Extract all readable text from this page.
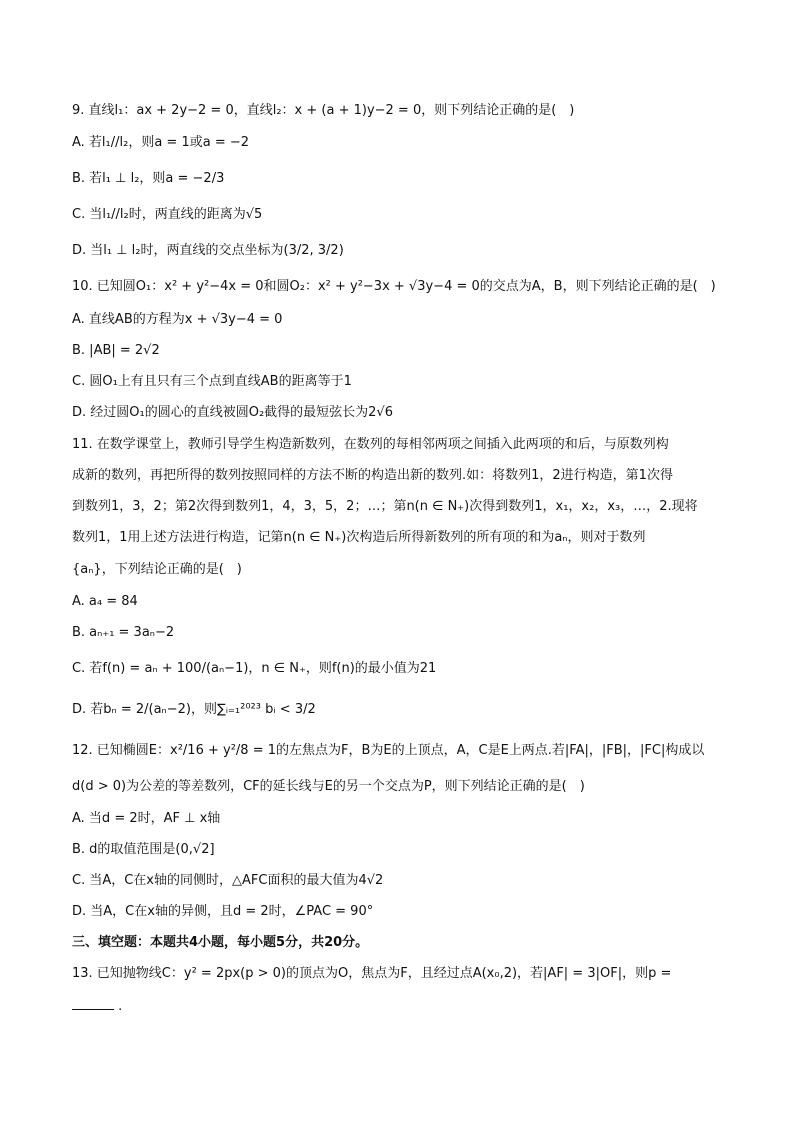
9. 直线l₁：ax + 2y−2 = 0，直线l₂：x + (a + 1)y−2 = 0，则下列结论正确的是(　)
A. 若l₁//l₂，则a = 1或a = −2
B. 若l₁ ⊥ l₂，则a = −2/3
C. 当l₁//l₂时，两直线的距离为√5
D. 当l₁ ⊥ l₂时，两直线的交点坐标为(3/2, 3/2)
10. 已知圆O₁：x² + y²−4x = 0和圆O₂：x² + y²−3x + √3y−4 = 0的交点为A，B，则下列结论正确的是(　)
A. 直线AB的方程为x + √3y−4 = 0
B. |AB| = 2√2
C. 圆O₁上有且只有三个点到直线AB的距离等于1
D. 经过圆O₁的圆心的直线被圆O₂截得的最短弦长为2√6
11. 在数学课堂上，教师引导学生构造新数列，在数列的每相邻两项之间插入此两项的和后，与原数列构
成新的数列，再把所得的数列按照同样的方法不断的构造出新的数列.如：将数列1，2进行构造，第1次得
到数列1，3，2；第2次得到数列1，4，3，5，2；…；第n(n ∈ N₊)次得到数列1，x₁，x₂，x₃，…，2.现将
数列1，1用上述方法进行构造，记第n(n ∈ N₊)次构造后所得新数列的所有项的和为aₙ，则对于数列
{aₙ}，下列结论正确的是(　)
A. a₄ = 84
B. aₙ₊₁ = 3aₙ−2
C. 若f(n) = aₙ + 100/(aₙ−1)，n ∈ N₊，则f(n)的最小值为21
D. 若bₙ = 2/(aₙ−2)，则∑ᵢ₌₁²⁰²³ bᵢ < 3/2
12. 已知椭圆E：x²/16 + y²/8 = 1的左焦点为F，B为E的上顶点，A，C是E上两点.若|FA|，|FB|，|FC|构成以
d(d > 0)为公差的等差数列，CF的延长线与E的另一个交点为P，则下列结论正确的是(　)
A. 当d = 2时，AF ⊥ x轴
B. d的取值范围是(0,√2]
C. 当A，C在x轴的同侧时，△AFC面积的最大值为4√2
D. 当A，C在x轴的异侧，且d = 2时，∠PAC = 90°
三、填空题：本题共4小题，每小题5分，共20分。
13. 已知抛物线C：y² = 2px(p > 0)的顶点为O，焦点为F，且经过点A(x₀,2)，若|AF| = 3|OF|，则p =
.
